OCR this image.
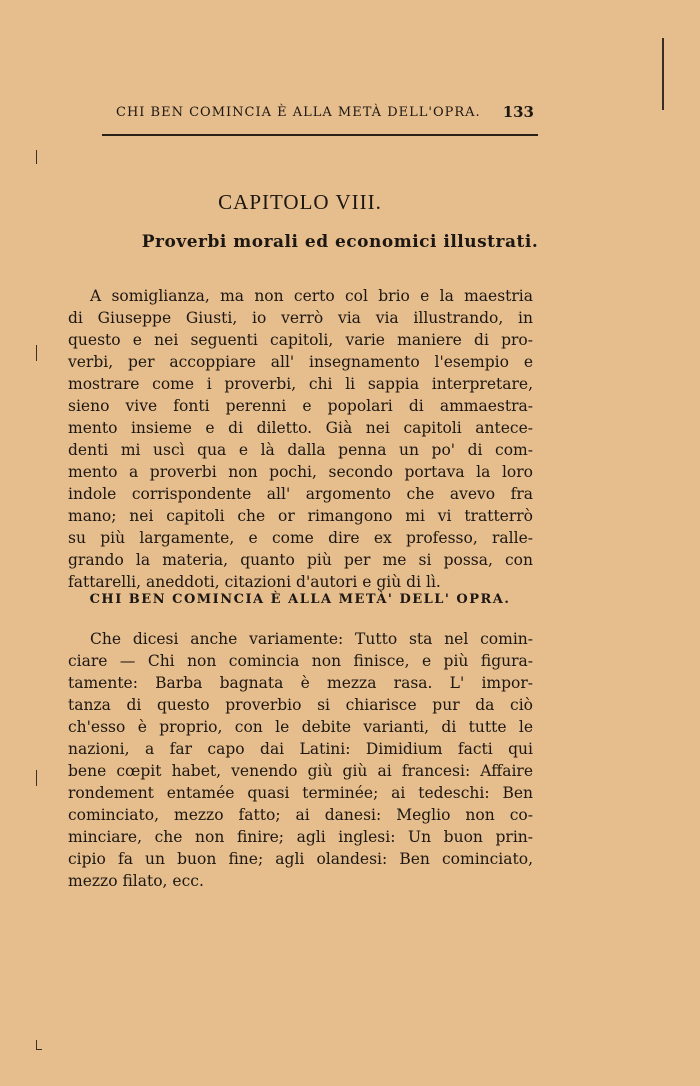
CHI BEN COMINCIA È ALLA METÀ DELL'OPRA. 133
CAPITOLO VIII.
Proverbi morali ed economici illustrati.
A somiglianza, ma non certo col brio e la maestria
di Giuseppe Giusti, io verrò via via illustrando, in
questo e nei seguenti capitoli, varie maniere di pro-
verbi, per accoppiare all' insegnamento l'esempio e
mostrare come i proverbi, chi li sappia interpretare,
sieno vive fonti perenni e popolari di ammaestra-
mento insieme e di diletto. Già nei capitoli antece-
denti mi uscì qua e là dalla penna un po' di com-
mento a proverbi non pochi, secondo portava la loro
indole corrispondente all' argomento che avevo fra
mano; nei capitoli che or rimangono mi vi tratterrò
su più largamente, e come dire ex professo, ralle-
grando la materia, quanto più per me si possa, con
fattarelli, aneddoti, citazioni d'autori e giù di lì.
CHI BEN COMINCIA È ALLA METÀ' DELL' OPRA.
Che dicesi anche variamente: Tutto sta nel comin-
ciare — Chi non comincia non finisce, e più figura-
tamente: Barba bagnata è mezza rasa. L' impor-
tanza di questo proverbio si chiarisce pur da ciò
ch'esso è proprio, con le debite varianti, di tutte le
nazioni, a far capo dai Latini: Dimidium facti qui
bene cœpit habet, venendo giù giù ai francesi: Affaire
rondement entamée quasi terminée; ai tedeschi: Ben
cominciato, mezzo fatto; ai danesi: Meglio non co-
minciare, che non finire; agli inglesi: Un buon prin-
cipio fa un buon fine; agli olandesi: Ben cominciato,
mezzo filato, ecc.
